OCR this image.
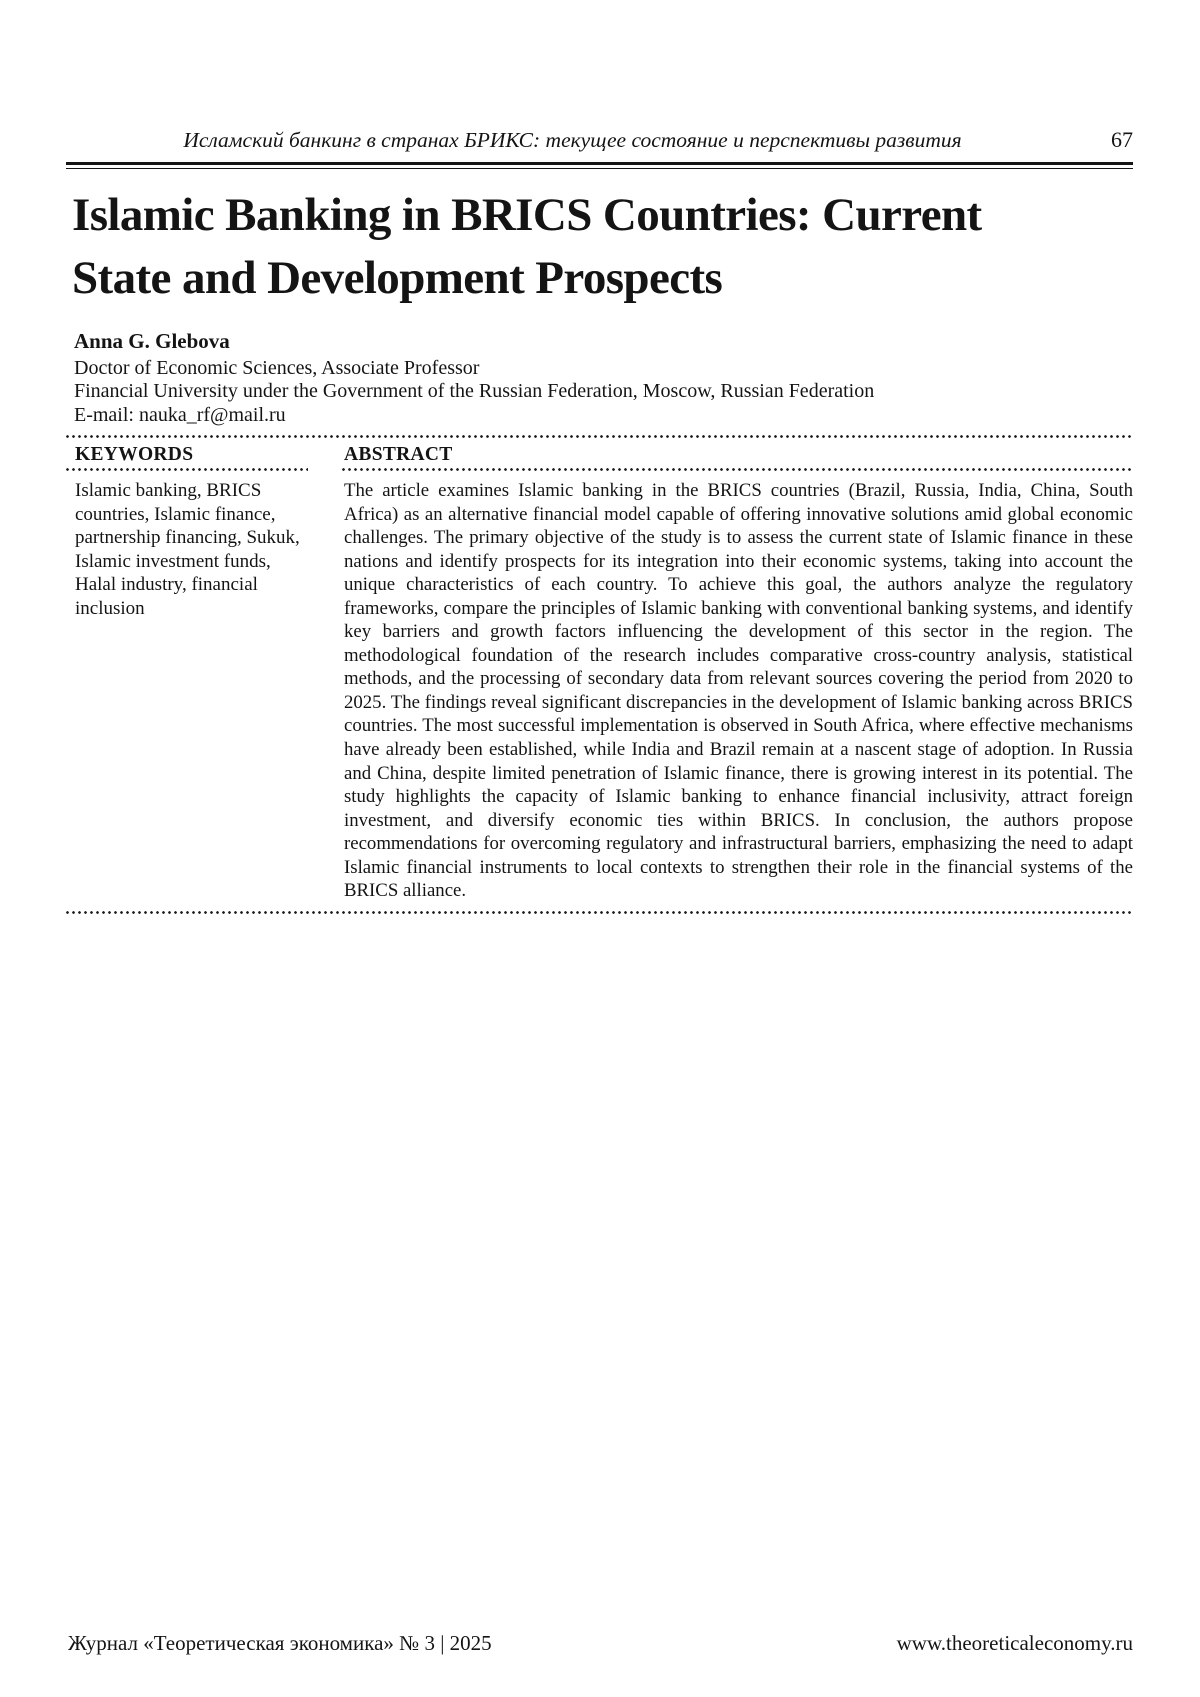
Исламский банкинг в странах БРИКС: текущее состояние и перспективы развития	67
Islamic Banking in BRICS Countries: Current
State and Development Prospects
Anna G. Glebova
Doctor of Economic Sciences, Associate Professor
Financial University under the Government of the Russian Federation, Moscow, Russian Federation
E-mail: nauka_rf@mail.ru
KEYWORDS
Islamic banking, BRICS countries, Islamic finance, partnership financing, Sukuk, Islamic investment funds, Halal industry, financial inclusion
ABSTRACT
The article examines Islamic banking in the BRICS countries (Brazil, Russia, India, China, South Africa) as an alternative financial model capable of offering innovative solutions amid global economic challenges. The primary objective of the study is to assess the current state of Islamic finance in these nations and identify prospects for its integration into their economic systems, taking into account the unique characteristics of each country. To achieve this goal, the authors analyze the regulatory frameworks, compare the principles of Islamic banking with conventional banking systems, and identify key barriers and growth factors influencing the development of this sector in the region. The methodological foundation of the research includes comparative cross-country analysis, statistical methods, and the processing of secondary data from relevant sources covering the period from 2020 to 2025. The findings reveal significant discrepancies in the development of Islamic banking across BRICS countries. The most successful implementation is observed in South Africa, where effective mechanisms have already been established, while India and Brazil remain at a nascent stage of adoption. In Russia and China, despite limited penetration of Islamic finance, there is growing interest in its potential. The study highlights the capacity of Islamic banking to enhance financial inclusivity, attract foreign investment, and diversify economic ties within BRICS. In conclusion, the authors propose recommendations for overcoming regulatory and infrastructural barriers, emphasizing the need to adapt Islamic financial instruments to local contexts to strengthen their role in the financial systems of the BRICS alliance.
Журнал «Теоретическая экономика» № 3 | 2025	www.theoreticaleconomy.ru
